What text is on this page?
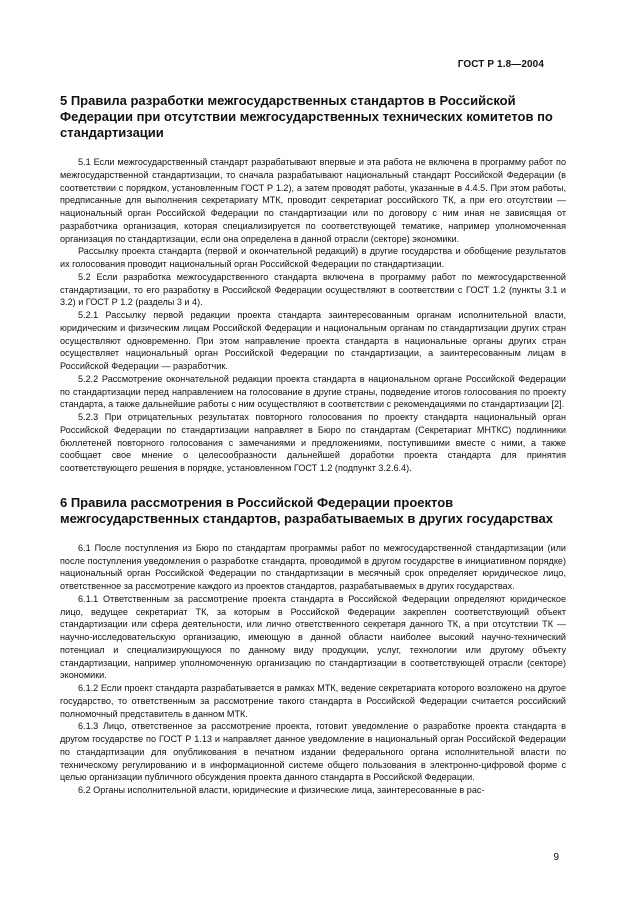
ГОСТ Р 1.8—2004
5 Правила разработки межгосударственных стандартов в Российской Федерации при отсутствии межгосударственных технических комитетов по стандартизации

5.1 Если межгосударственный стандарт разрабатывают впервые и эта работа не включена в программу работ по межгосударственной стандартизации, то сначала разрабатывают национальный стандарт Российской Федерации (в соответствии с порядком, установленным ГОСТ Р 1.2), а затем проводят работы, указанные в 4.4.5. При этом работы, предписанные для выполнения секретариату МТК, проводит секретариат российского ТК, а при его отсутствии — национальный орган Российской Федерации по стандартизации или по договору с ним иная не зависящая от разработчика организация, которая специализируется по соответствующей тематике, например уполномоченная организация по стандартизации, если она определена в данной отрасли (секторе) экономики.

Рассылку проекта стандарта (первой и окончательной редакций) в другие государства и обобщение результатов их голосования проводит национальный орган Российской Федерации по стандартизации.

5.2 Если разработка межгосударственного стандарта включена в программу работ по межгосударственной стандартизации, то его разработку в Российской Федерации осуществляют в соответствии с ГОСТ 1.2 (пункты 3.1 и 3.2) и ГОСТ Р 1.2 (разделы 3 и 4).

5.2.1 Рассылку первой редакции проекта стандарта заинтересованным органам исполнительной власти, юридическим и физическим лицам Российской Федерации и национальным органам по стандартизации других стран осуществляют одновременно. При этом направление проекта стандарта в национальные органы других стран осуществляет национальный орган Российской Федерации по стандартизации, а заинтересованным лицам в Российской Федерации — разработчик.

5.2.2 Рассмотрение окончательной редакции проекта стандарта в национальном органе Российской Федерации по стандартизации перед направлением на голосование в другие страны, подведение итогов голосования по проекту стандарта, а также дальнейшие работы с ним осуществляют в соответствии с рекомендациями по стандартизации [2].

5.2.3 При отрицательных результатах повторного голосования по проекту стандарта национальный орган Российской Федерации по стандартизации направляет в Бюро по стандартам (Секретариат МНТКС) подлинники бюллетеней повторного голосования с замечаниями и предложениями, поступившими вместе с ними, а также сообщает свое мнение о целесообразности дальнейшей доработки проекта стандарта для принятия соответствующего решения в порядке, установленном ГОСТ 1.2 (подпункт 3.2.6.4).

6 Правила рассмотрения в Российской Федерации проектов межгосударственных стандартов, разрабатываемых в других государствах

6.1 После поступления из Бюро по стандартам программы работ по межгосударственной стандартизации (или после поступления уведомления о разработке стандарта, проводимой в другом государстве в инициативном порядке) национальный орган Российской Федерации по стандартизации в месячный срок определяет юридическое лицо, ответственное за рассмотрение каждого из проектов стандартов, разрабатываемых в других государствах.

6.1.1 Ответственным за рассмотрение проекта стандарта в Российской Федерации определяют юридическое лицо, ведущее секретариат ТК, за которым в Российской Федерации закреплен соответствующий объект стандартизации или сфера деятельности, или лично ответственного секретаря данного ТК, а при отсутствии ТК — научно-исследовательскую организацию, имеющую в данной области наиболее высокий научно-технический потенциал и специализирующуюся по данному виду продукции, услуг, технологии или другому объекту стандартизации, например уполномоченную организацию по стандартизации в соответствующей отрасли (секторе) экономики.

6.1.2 Если проект стандарта разрабатывается в рамках МТК, ведение секретариата которого возложено на другое государство, то ответственным за рассмотрение такого стандарта в Российской Федерации считается российский полномочный представитель в данном МТК.

6.1.3 Лицо, ответственное за рассмотрение проекта, готовит уведомление о разработке проекта стандарта в другом государстве по ГОСТ Р 1.13 и направляет данное уведомление в национальный орган Российской Федерации по стандартизации для опубликования в печатном издании федерального органа исполнительной власти по техническому регулированию и в информационной системе общего пользования в электронно-цифровой форме с целью организации публичного обсуждения проекта данного стандарта в Российской Федерации.

6.2 Органы исполнительной власти, юридические и физические лица, заинтересованные в рас-

9
